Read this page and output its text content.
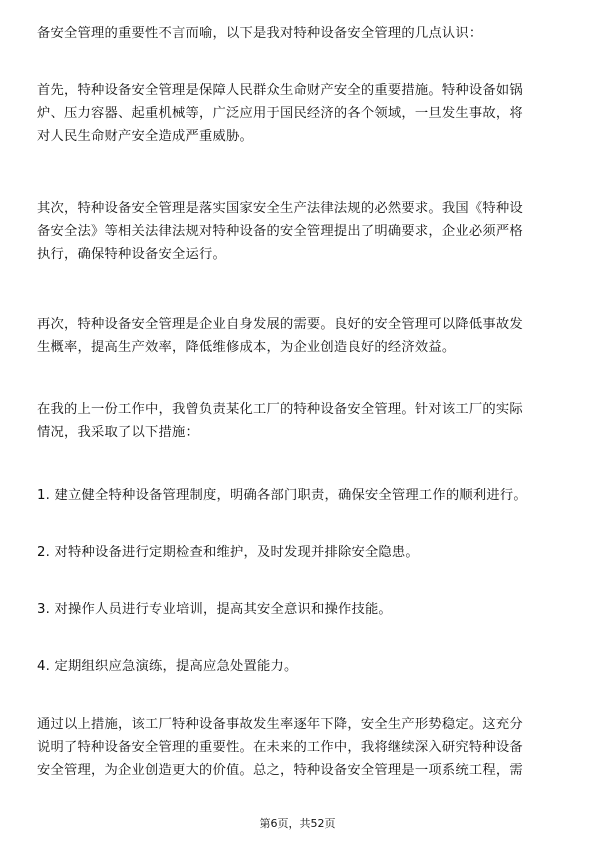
备安全管理的重要性不言而喻，以下是我对特种设备安全管理的几点认识：

首先，特种设备安全管理是保障人民群众生命财产安全的重要措施。特种设备如锅
炉、压力容器、起重机械等，广泛应用于国民经济的各个领域，一旦发生事故，将
对人民生命财产安全造成严重威胁。

其次，特种设备安全管理是落实国家安全生产法律法规的必然要求。我国《特种设
备安全法》等相关法律法规对特种设备的安全管理提出了明确要求，企业必须严格
执行，确保特种设备安全运行。

再次，特种设备安全管理是企业自身发展的需要。良好的安全管理可以降低事故发
生概率，提高生产效率，降低维修成本，为企业创造良好的经济效益。

在我的上一份工作中，我曾负责某化工厂的特种设备安全管理。针对该工厂的实际
情况，我采取了以下措施：

1. 建立健全特种设备管理制度，明确各部门职责，确保安全管理工作的顺利进行。

2. 对特种设备进行定期检查和维护，及时发现并排除安全隐患。

3. 对操作人员进行专业培训，提高其安全意识和操作技能。

4. 定期组织应急演练，提高应急处置能力。

通过以上措施，该工厂特种设备事故发生率逐年下降，安全生产形势稳定。这充分
说明了特种设备安全管理的重要性。在未来的工作中，我将继续深入研究特种设备
安全管理，为企业创造更大的价值。总之，特种设备安全管理是一项系统工程，需

第6页，共52页
